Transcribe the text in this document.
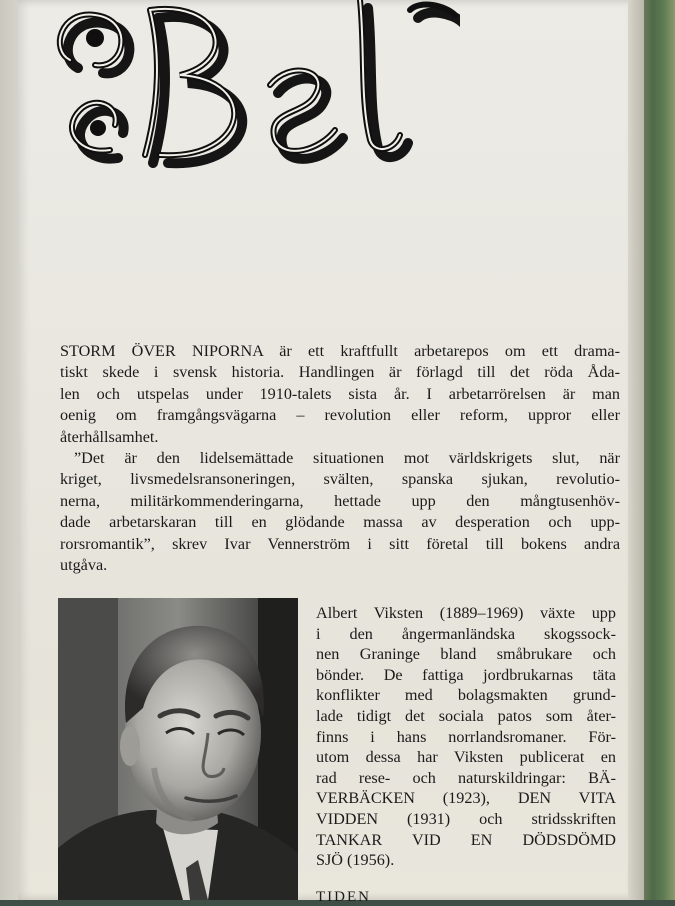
STORM ÖVER NIPORNA är ett kraftfullt arbetarepos om ett drama-
tiskt skede i svensk historia. Handlingen är förlagd till det röda Åda-
len och utspelas under 1910-talets sista år. I arbetarrörelsen är man
oenig om framgångsvägarna – revolution eller reform, uppror eller
återhållsamhet.

”Det är den lidelsemättade situationen mot världskrigets slut, när

kriget, livsmedelsransoneringen, svälten, spanska sjukan, revolutio-
nerna, militärkommenderingarna, hettade upp den mångtusenhöv-
dade arbetarskaran till en glödande massa av desperation och upp-
rorsromantik”, skrev Ivar Vennerström i sitt företal till bokens andra
utgåva.

Albert Viksten (1889–1969) växte upp
i den ångermanländska skogssock-
nen Graninge bland småbrukare och
bönder. De fattiga jordbrukarnas täta
konflikter med bolagsmakten grund-
lade tidigt det sociala patos som åter-
finns i hans norrlandsromaner. För-
utom dessa har Viksten publicerat en
rad rese- och naturskildringar: BÄ-
VERBÄCKEN (1923), DEN VITA
VIDDEN (1931) och stridsskriften
TANKAR VID EN DÖDSDÖMD
SJÖ (1956).
TIDEN
